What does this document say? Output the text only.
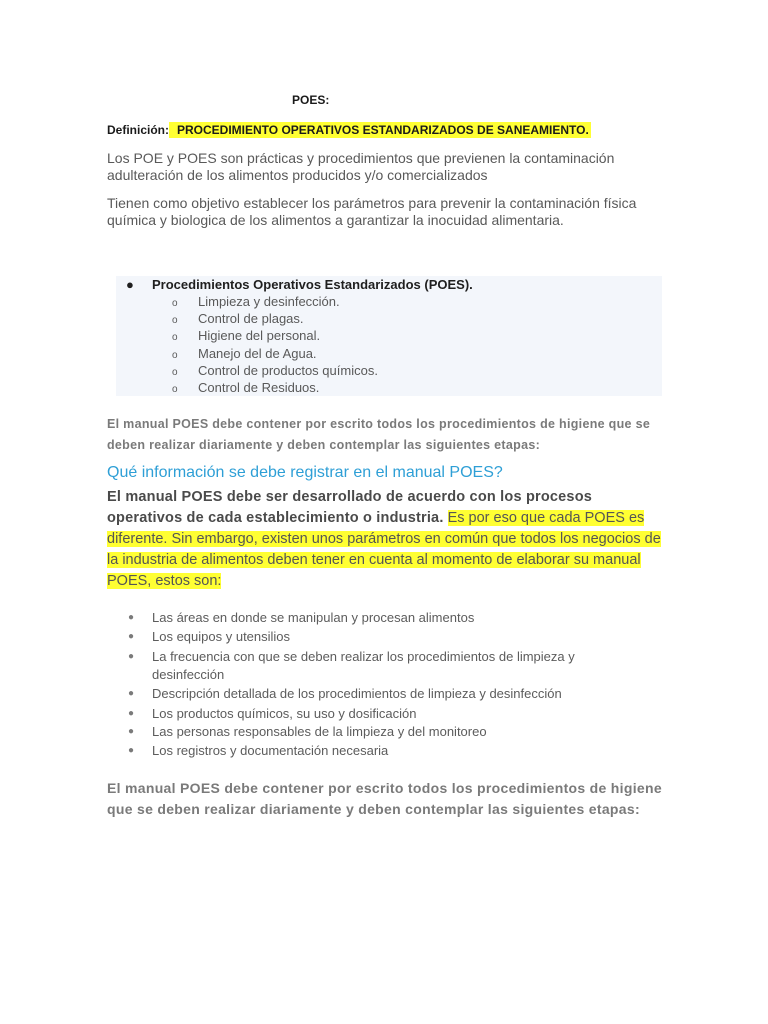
POES:
Definición: PROCEDIMIENTO OPERATIVOS ESTANDARIZADOS DE SANEAMIENTO.
Los POE y POES son prácticas y procedimientos que previenen la contaminación adulteración de los alimentos producidos y/o comercializados
Tienen como objetivo establecer los parámetros para prevenir la contaminación física química y biologica de los alimentos a garantizar la inocuidad alimentaria.
● Procedimientos Operativos Estandarizados (POES).
o Limpieza y desinfección.
o Control de plagas.
o Higiene del personal.
o Manejo del de Agua.
o Control de productos químicos.
o Control de Residuos.
El manual POES debe contener por escrito todos los procedimientos de higiene que se deben realizar diariamente y deben contemplar las siguientes etapas:
Qué información se debe registrar en el manual POES?
El manual POES debe ser desarrollado de acuerdo con los procesos operativos de cada establecimiento o industria. Es por eso que cada POES es diferente. Sin embargo, existen unos parámetros en común que todos los negocios de la industria de alimentos deben tener en cuenta al momento de elaborar su manual POES, estos son:
● Las áreas en donde se manipulan y procesan alimentos
● Los equipos y utensilios
● La frecuencia con que se deben realizar los procedimientos de limpieza y desinfección
● Descripción detallada de los procedimientos de limpieza y desinfección
● Los productos químicos, su uso y dosificación
● Las personas responsables de la limpieza y del monitoreo
● Los registros y documentación necesaria
El manual POES debe contener por escrito todos los procedimientos de higiene que se deben realizar diariamente y deben contemplar las siguientes etapas:
